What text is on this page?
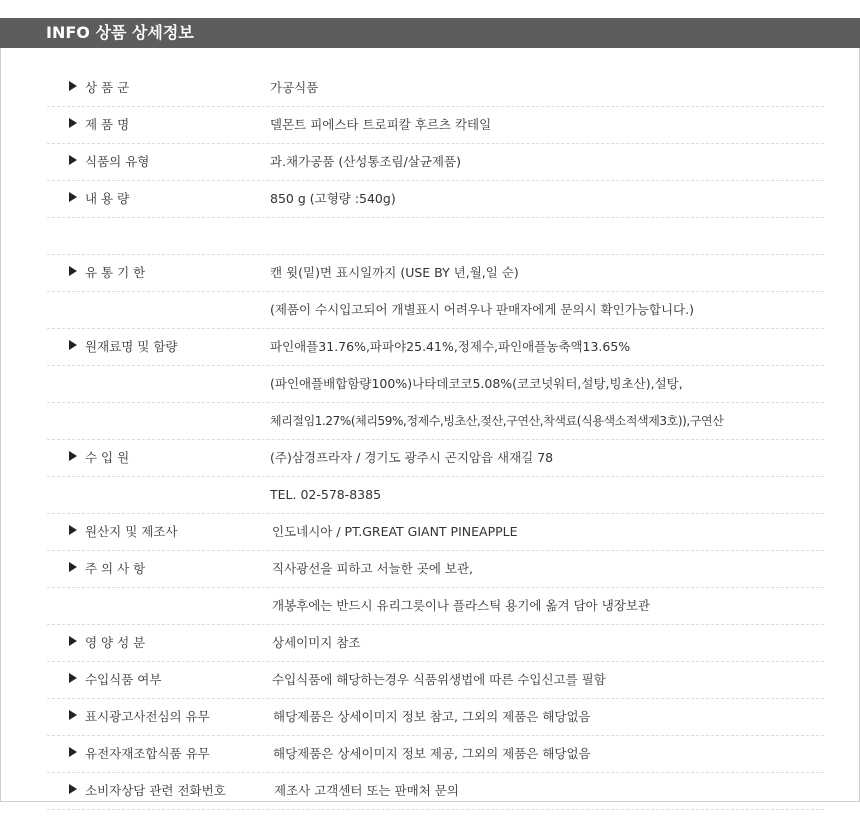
INFO 상품 상세정보
상 품 군	가공식품
제 품 명	델몬트 피에스타 트로피칼 후르츠 칵테일
식품의 유형	과.채가공품 (산성통조림/살균제품)
내 용 량	850 g (고형량 :540g)
유 통 기 한	캔 윗(밑)면 표시일까지 (USE BY 년,월,일 순)
(제품이 수시입고되어 개별표시 어려우나 판매자에게 문의시 확인가능합니다.)
원재료명 및 함량	파인애플31.76%,파파야25.41%,정제수,파인애플농축액13.65%
(파인애플배합함량100%)나타데코코5.08%(코코넛워터,설탕,빙초산),설탕,
체리절임1.27%(체리59%,정제수,빙초산,젖산,구연산,착색료(식용색소적색제3호)),구연산
수 입 원	(주)삼경프라자 / 경기도 광주시 곤지암읍 새재길 78
TEL. 02-578-8385
원산지 및 제조사	인도네시아 / PT.GREAT GIANT PINEAPPLE
주 의 사 항	직사광선을 피하고 서늘한 곳에 보관,
개봉후에는 반드시 유리그릇이나 플라스틱 용기에 옮겨 담아 냉장보관
영 양 성 분	상세이미지 참조
수입식품 여부	수입식품에 해당하는경우 식품위생법에 따른 수입신고를 필함
표시광고사전심의 유무	해당제품은 상세이미지 정보 참고, 그외의 제품은 해당없음
유전자재조합식품 유무	해당제품은 상세이미지 정보 제공, 그외의 제품은 해당없음
소비자상담 관련 전화번호	제조사 고객센터 또는 판매처 문의
